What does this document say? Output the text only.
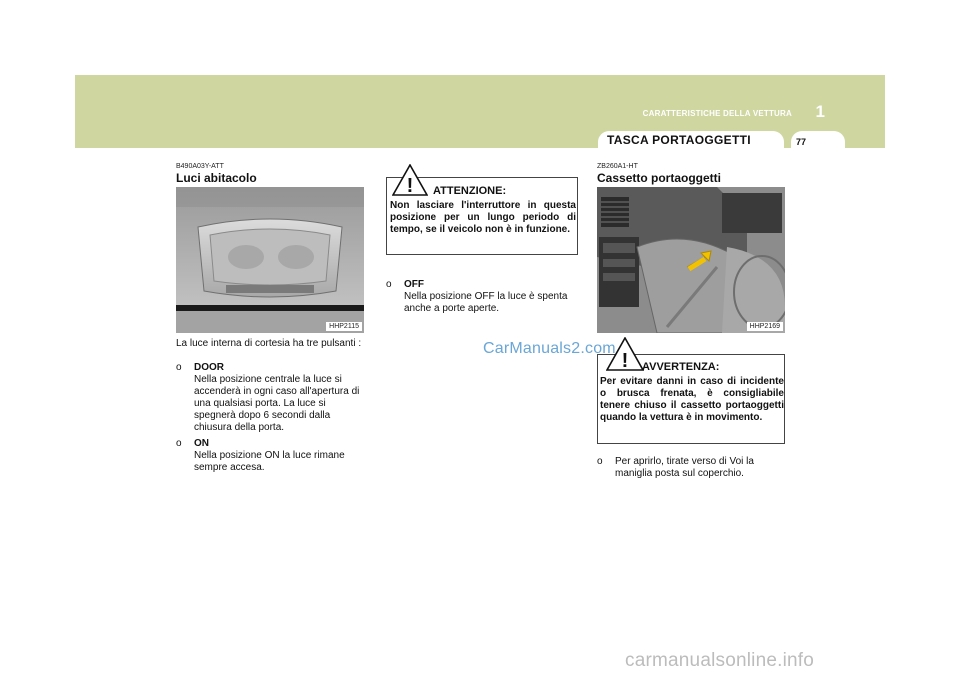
CARATTERISTICHE DELLA VETTURA	1
TASCA PORTAOGGETTI	77
B490A03Y-ATT
Luci abitacolo
HHP2115
La luce interna di cortesia ha tre pulsanti :
o DOOR
Nella posizione centrale la luce si accenderà in ogni caso all'apertura di una qualsiasi porta. La luce si spegnerà dopo 6 secondi dalla chiusura della porta.
o ON
Nella posizione ON la luce rimane sempre accesa.
! ATTENZIONE:
Non lasciare l'interruttore in questa posizione per un lungo periodo di tempo, se il veicolo non è in funzione.
o OFF
Nella posizione OFF la luce è spenta anche a porte aperte.
ZB260A1-HT
Cassetto portaoggetti
HHP2169
! AVVERTENZA:
Per evitare danni in caso di incidente o brusca frenata, è consigliabile tenere chiuso il cassetto portaoggetti quando la vettura è in movimento.
o Per aprirlo, tirate verso di Voi la maniglia posta sul coperchio.
CarManuals2.com
carmanualsonline.info
